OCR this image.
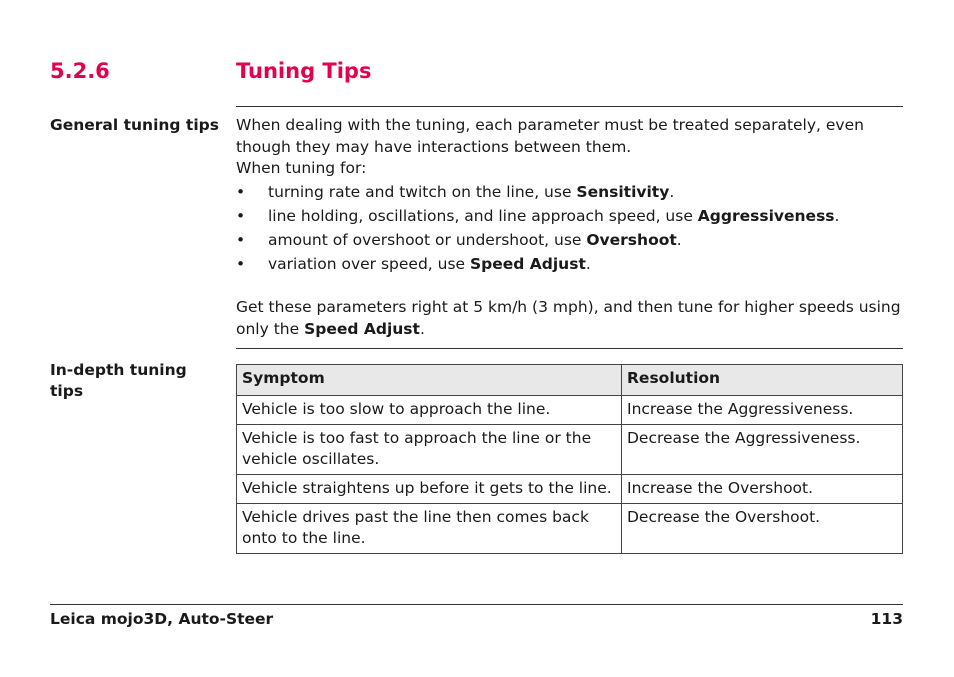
5.2.6	Tuning Tips
General tuning tips When dealing with the tuning, each parameter must be treated separately, even though they may have interactions between them.

When tuning for:

• turning rate and twitch on the line, use Sensitivity.
• line holding, oscillations, and line approach speed, use Aggressiveness.
• amount of overshoot or undershoot, use Overshoot.
• variation over speed, use Speed Adjust.

Get these parameters right at 5 km/h (3 mph), and then tune for higher speeds using only the Speed Adjust.

In-depth tuning tips
Symptom	Resolution
Vehicle is too slow to approach the line.	Increase the Aggressiveness.
Vehicle is too fast to approach the line or the vehicle oscillates.	Decrease the Aggressiveness.
Vehicle straightens up before it gets to the line.	Increase the Overshoot.
Vehicle drives past the line then comes back onto to the line.	Decrease the Overshoot.
Leica mojo3D, Auto-Steer	113
